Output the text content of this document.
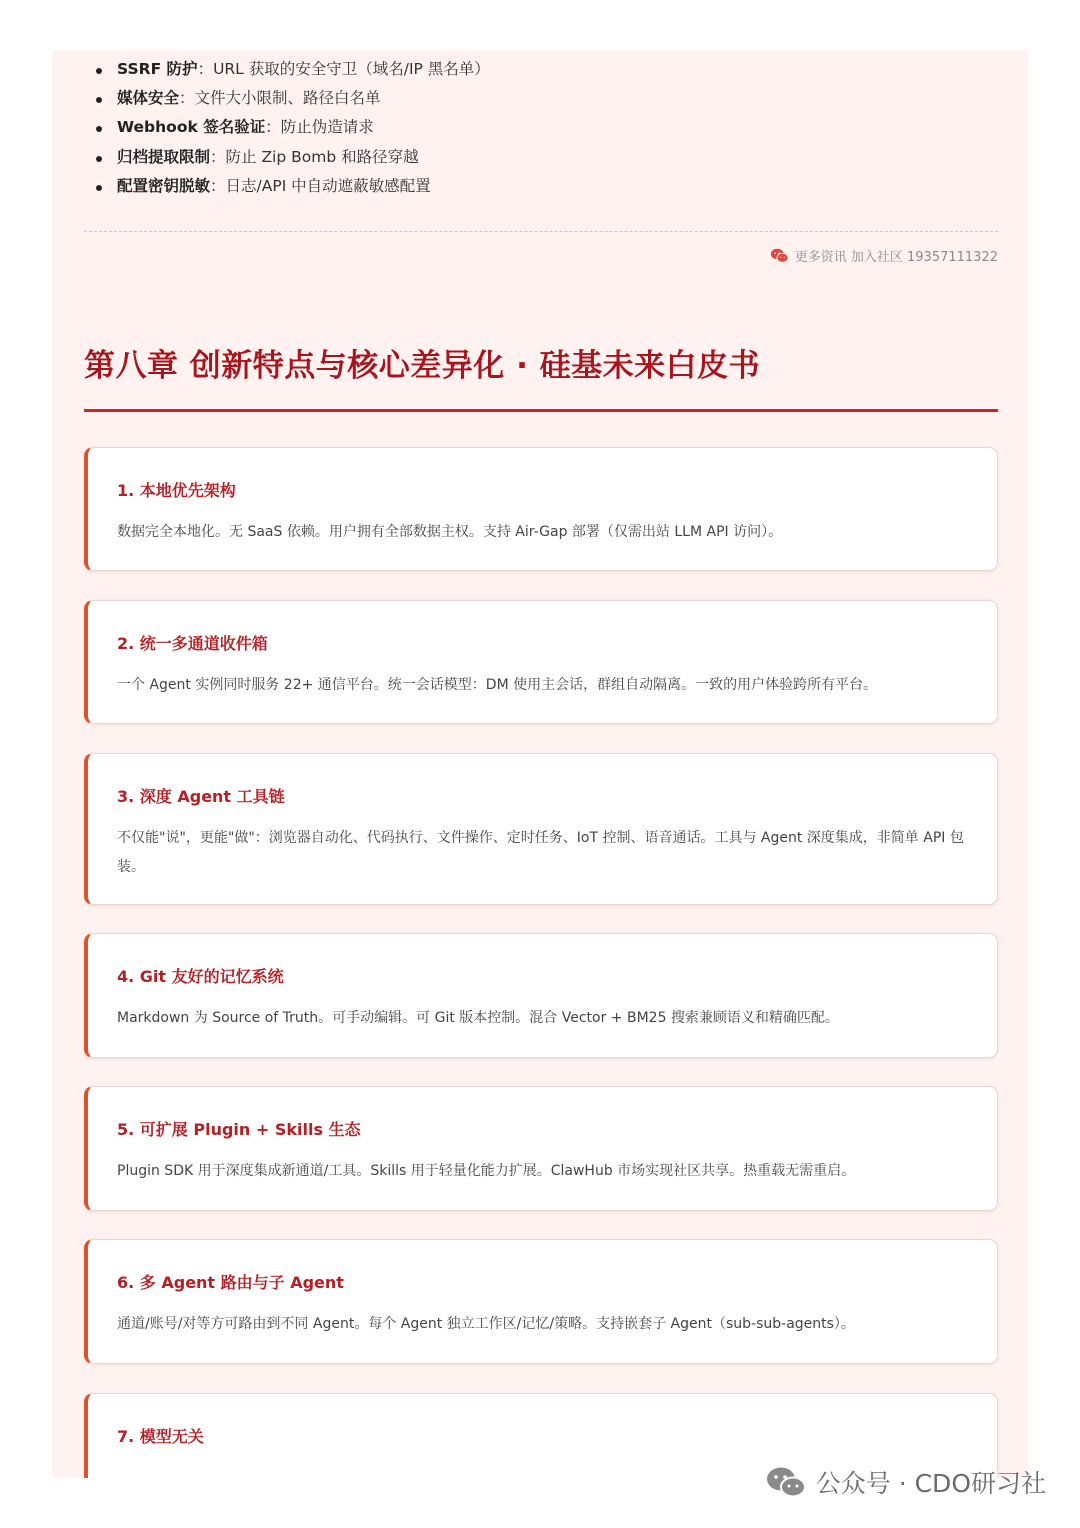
SSRF 防护：URL 获取的安全守卫（域名/IP 黑名单）
媒体安全：文件大小限制、路径白名单
Webhook 签名验证：防止伪造请求
归档提取限制：防止 Zip Bomb 和路径穿越
配置密钥脱敏：日志/API 中自动遮蔽敏感配置
更多资讯 加入社区 19357111322
第八章 创新特点与核心差异化 · 硅基未来白皮书
1. 本地优先架构

数据完全本地化。无 SaaS 依赖。用户拥有全部数据主权。支持 Air-Gap 部署（仅需出站 LLM API 访问）。

2. 统一多通道收件箱

一个 Agent 实例同时服务 22+ 通信平台。统一会话模型：DM 使用主会话，群组自动隔离。一致的用户体验跨所有平台。

3. 深度 Agent 工具链

不仅能"说"，更能"做"：浏览器自动化、代码执行、文件操作、定时任务、IoT 控制、语音通话。工具与 Agent 深度集成，非简单 API 包装。

4. Git 友好的记忆系统

Markdown 为 Source of Truth。可手动编辑。可 Git 版本控制。混合 Vector + BM25 搜索兼顾语义和精确匹配。

5. 可扩展 Plugin + Skills 生态

Plugin SDK 用于深度集成新通道/工具。Skills 用于轻量化能力扩展。ClawHub 市场实现社区共享。热重载无需重启。

6. 多 Agent 路由与子 Agent

通道/账号/对等方可路由到不同 Agent。每个 Agent 独立工作区/记忆/策略。支持嵌套子 Agent（sub-sub-agents）。

7. 模型无关

公众号 · CDO研习社
